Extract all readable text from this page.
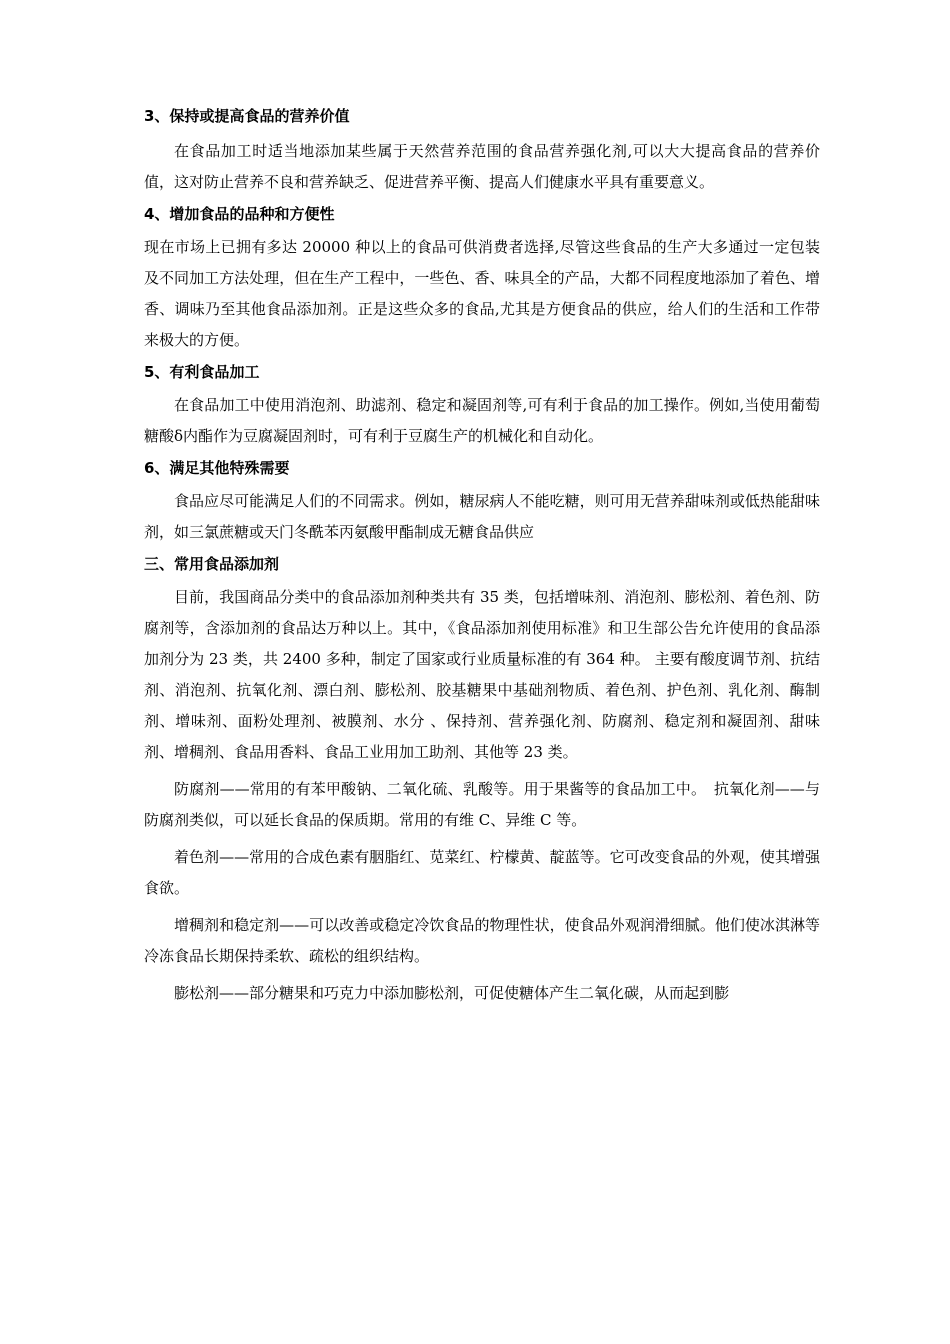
3、保持或提高食品的营养价值

在食品加工时适当地添加某些属于天然营养范围的食品营养强化剂,可以大大提高食品的营养价值，这对防止营养不良和营养缺乏、促进营养平衡、提高人们健康水平具有重要意义。

4、增加食品的品种和方便性

现在市场上已拥有多达 20000 种以上的食品可供消费者选择,尽管这些食品的生产大多通过一定包装及不同加工方法处理，但在生产工程中，一些色、香、味具全的产品，大都不同程度地添加了着色、增香、调味乃至其他食品添加剂。正是这些众多的食品,尤其是方便食品的供应，给人们的生活和工作带来极大的方便。

5、有利食品加工

在食品加工中使用消泡剂、助滤剂、稳定和凝固剂等,可有利于食品的加工操作。例如,当使用葡萄糖酸δ内酯作为豆腐凝固剂时，可有利于豆腐生产的机械化和自动化。

6、满足其他特殊需要

食品应尽可能满足人们的不同需求。例如，糖尿病人不能吃糖，则可用无营养甜味剂或低热能甜味剂，如三氯蔗糖或天门冬酰苯丙氨酸甲酯制成无糖食品供应

三、常用食品添加剂

目前，我国商品分类中的食品添加剂种类共有 35 类，包括增味剂、消泡剂、膨松剂、着色剂、防腐剂等，含添加剂的食品达万种以上。其中，《食品添加剂使用标准》和卫生部公告允许使用的食品添加剂分为 23 类，共 2400 多种，制定了国家或行业质量标准的有 364 种。 主要有酸度调节剂、抗结剂、消泡剂、抗氧化剂、漂白剂、膨松剂、胶基糖果中基础剂物质、着色剂、护色剂、乳化剂、酶制剂、增味剂、面粉处理剂、被膜剂、水分 、保持剂、营养强化剂、防腐剂、稳定剂和凝固剂、甜味剂、增稠剂、食品用香料、食品工业用加工助剂、其他等 23 类。

防腐剂——常用的有苯甲酸钠、二氧化硫、乳酸等。用于果酱等的食品加工中。　抗氧化剂——与防腐剂类似，可以延长食品的保质期。常用的有维 C、异维 C 等。

着色剂——常用的合成色素有胭脂红、苋菜红、柠檬黄、靛蓝等。它可改变食品的外观，使其增强食欲。

增稠剂和稳定剂——可以改善或稳定冷饮食品的物理性状，使食品外观润滑细腻。他们使冰淇淋等冷冻食品长期保持柔软、疏松的组织结构。

膨松剂——部分糖果和巧克力中添加膨松剂，可促使糖体产生二氧化碳，从而起到膨
